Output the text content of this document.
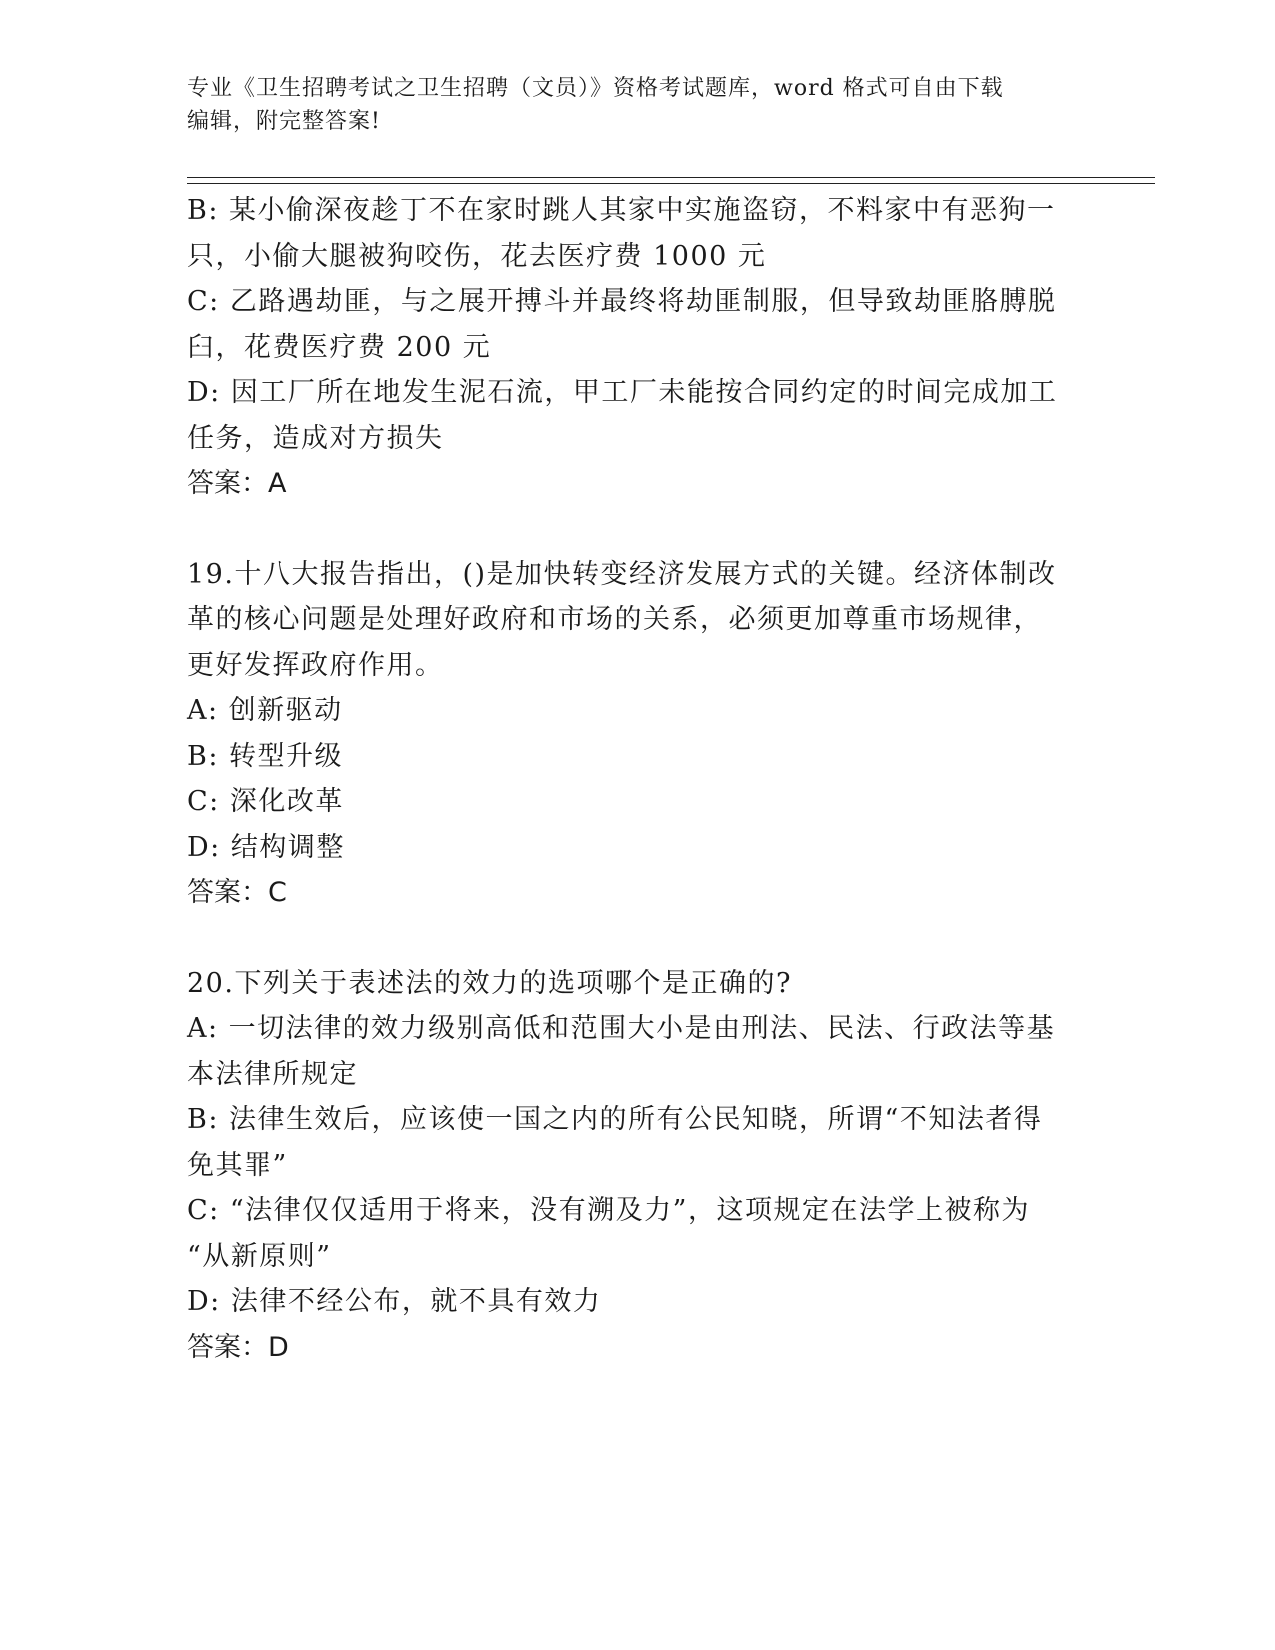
专业《卫生招聘考试之卫生招聘（文员）》资格考试题库，word 格式可自由下载
编辑，附完整答案!
B: 某小偷深夜趁丁不在家时跳人其家中实施盗窃，不料家中有恶狗一
只，小偷大腿被狗咬伤，花去医疗费 1000 元
C: 乙路遇劫匪，与之展开搏斗并最终将劫匪制服，但导致劫匪胳膊脱
臼，花费医疗费 200 元
D: 因工厂所在地发生泥石流，甲工厂未能按合同约定的时间完成加工
任务，造成对方损失
答案：A
19.十八大报告指出，()是加快转变经济发展方式的关键。经济体制改
革的核心问题是处理好政府和市场的关系，必须更加尊重市场规律，
更好发挥政府作用。
A: 创新驱动
B: 转型升级
C: 深化改革
D: 结构调整
答案：C
20.下列关于表述法的效力的选项哪个是正确的?
A: 一切法律的效力级别高低和范围大小是由刑法、民法、行政法等基
本法律所规定
B: 法律生效后，应该使一国之内的所有公民知晓，所谓“不知法者得
免其罪”
C: “法律仅仅适用于将来，没有溯及力”，这项规定在法学上被称为
“从新原则”
D: 法律不经公布，就不具有效力
答案：D
